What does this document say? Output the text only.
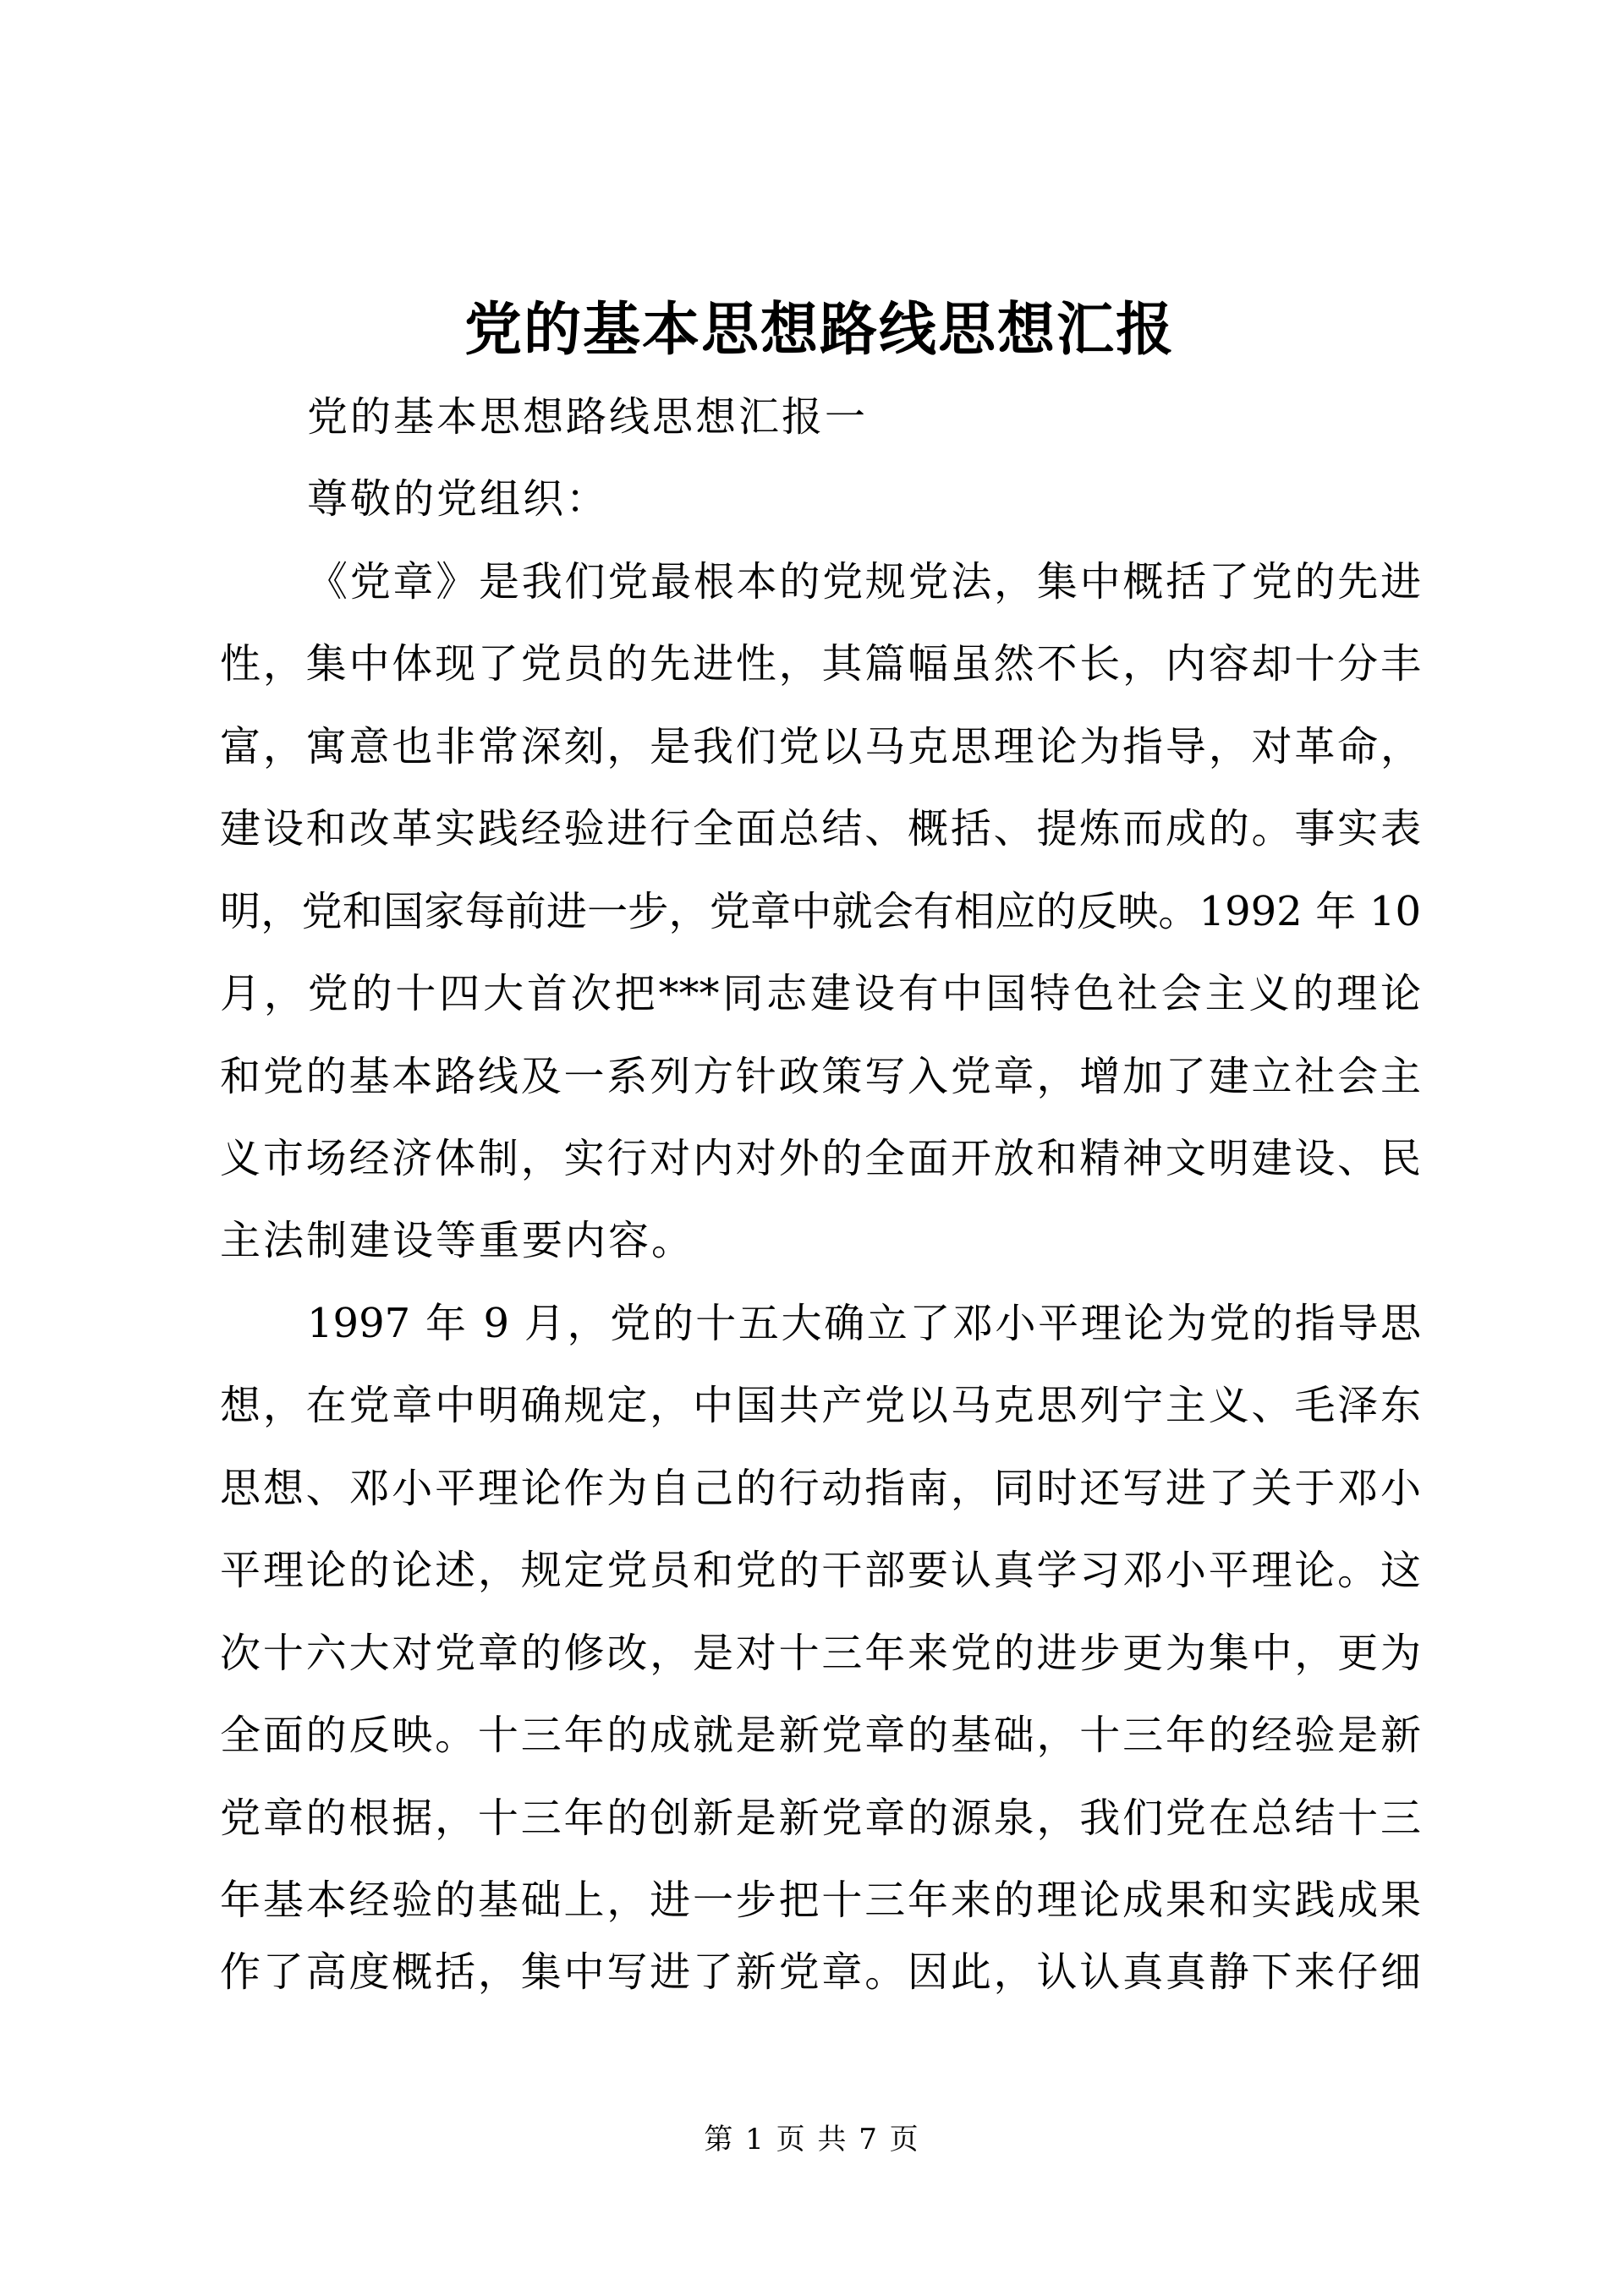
党的基本思想路线思想汇报
党的基本思想路线思想汇报一
尊敬的党组织：
《党章》是我们党最根本的党规党法，集中概括了党的先进
性，集中体现了党员的先进性，其篇幅虽然不长，内容却十分丰
富，寓意也非常深刻，是我们党以马克思理论为指导，对革命，
建设和改革实践经验进行全面总结、概括、提炼而成的。事实表
明，党和国家每前进一步，党章中就会有相应的反映。1992 年 10
月，党的十四大首次把***同志建设有中国特色社会主义的理论
和党的基本路线及一系列方针政策写入党章，增加了建立社会主
义市场经济体制，实行对内对外的全面开放和精神文明建设、民
主法制建设等重要内容。
1997 年 9 月，党的十五大确立了邓小平理论为党的指导思
想，在党章中明确规定，中国共产党以马克思列宁主义、毛泽东
思想、邓小平理论作为自己的行动指南，同时还写进了关于邓小
平理论的论述，规定党员和党的干部要认真学习邓小平理论。这
次十六大对党章的修改，是对十三年来党的进步更为集中，更为
全面的反映。十三年的成就是新党章的基础，十三年的经验是新
党章的根据，十三年的创新是新党章的源泉，我们党在总结十三
年基本经验的基础上，进一步把十三年来的理论成果和实践成果
作了高度概括，集中写进了新党章。因此，认认真真静下来仔细
第 1 页 共 7 页
